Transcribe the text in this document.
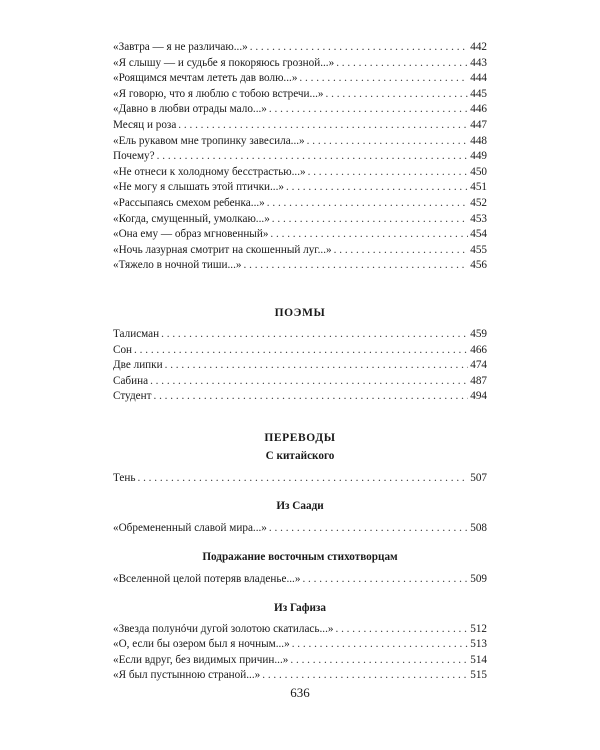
«Завтра — я не различаю...» . . .	442
«Я слышу — и судьбе я покоряюсь грозной...» . . .	443
«Роящимся мечтам лететь дав волю...» . . .	444
«Я говорю, что я люблю с тобою встречи...» . . .	445
«Давно в любви отрады мало...» . . .	446
Месяц и роза . . .	447
«Ель рукавом мне тропинку завесила...» . . .	448
Почему? . . .	449
«Не отнеси к холодному бесстрастью...» . . .	450
«Не могу я слышать этой птички...» . . .	451
«Рассыпаясь смехом ребенка...» . . .	452
«Когда, смущенный, умолкаю...» . . .	453
«Она ему — образ мгновенный» . . .	454
«Ночь лазурная смотрит на скошенный луг...» . . .	455
«Тяжело в ночной тиши...» . . .	456
ПОЭМЫ
Талисман . . .	459
Сон . . .	466
Две липки . . .	474
Сабина . . .	487
Студент . . .	494
ПЕРЕВОДЫ
С китайского
Тень . . .	507
Из Саади
«Обремененный славой мира...» . . .	508
Подражание восточным стихотворцам
«Вселенной целой потеряв владенье...» . . .	509
Из Гафиза
«Звезда полунóчи дугой золотою скатилась...» . . .	512
«О, если бы озером был я ночным...» . . .	513
«Если вдруг, без видимых причин...» . . .	514
«Я был пустынною страной...» . . .	515
636
